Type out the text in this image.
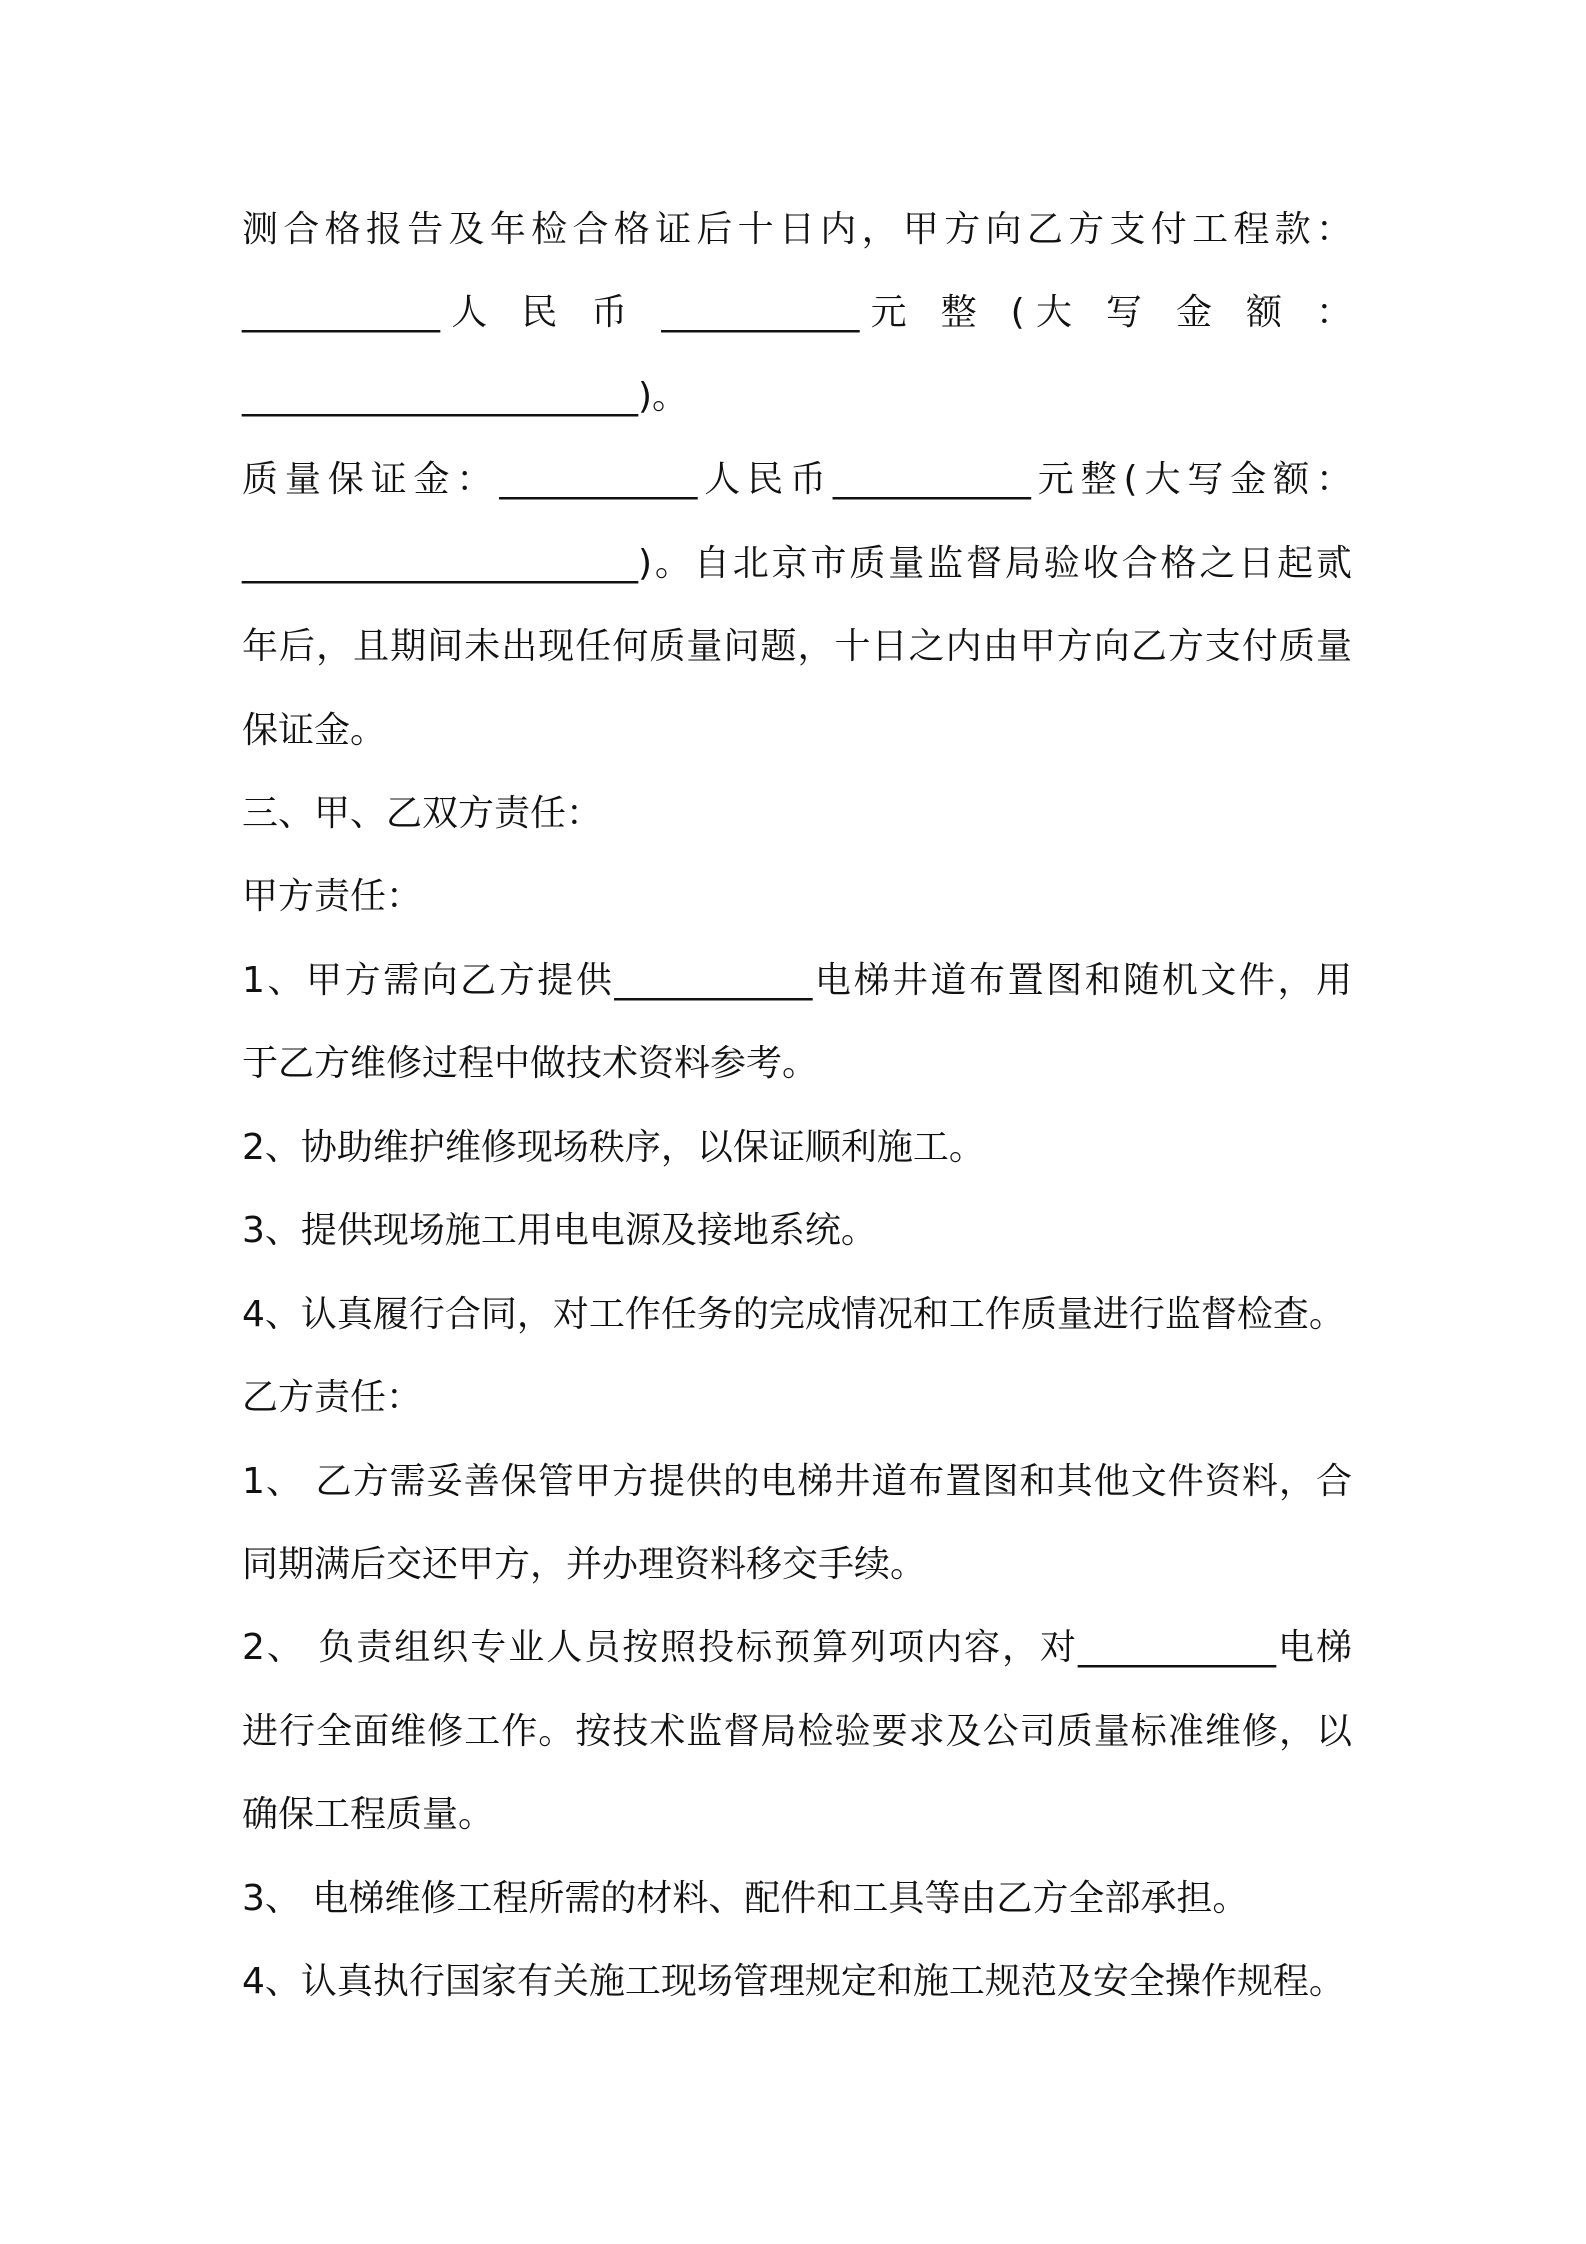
测合格报告及年检合格证后十日内，甲方向乙方支付工程款：
___________人 民 币 ___________元 整 (大 写 金 额 ：
______________________)。
质量保证金：___________人民币___________元整(大写金额：
______________________)。自北京市质量监督局验收合格之日起贰
年后，且期间未出现任何质量问题，十日之内由甲方向乙方支付质量
保证金。
三、甲、乙双方责任：
甲方责任：
1、甲方需向乙方提供___________电梯井道布置图和随机文件，用
于乙方维修过程中做技术资料参考。
2、协助维护维修现场秩序，以保证顺利施工。
3、提供现场施工用电电源及接地系统。
4、认真履行合同，对工作任务的完成情况和工作质量进行监督检查。
乙方责任：
1、 乙方需妥善保管甲方提供的电梯井道布置图和其他文件资料，合
同期满后交还甲方，并办理资料移交手续。
2、 负责组织专业人员按照投标预算列项内容，对___________电梯
进行全面维修工作。按技术监督局检验要求及公司质量标准维修，以
确保工程质量。
3、 电梯维修工程所需的材料、配件和工具等由乙方全部承担。
4、认真执行国家有关施工现场管理规定和施工规范及安全操作规程。
